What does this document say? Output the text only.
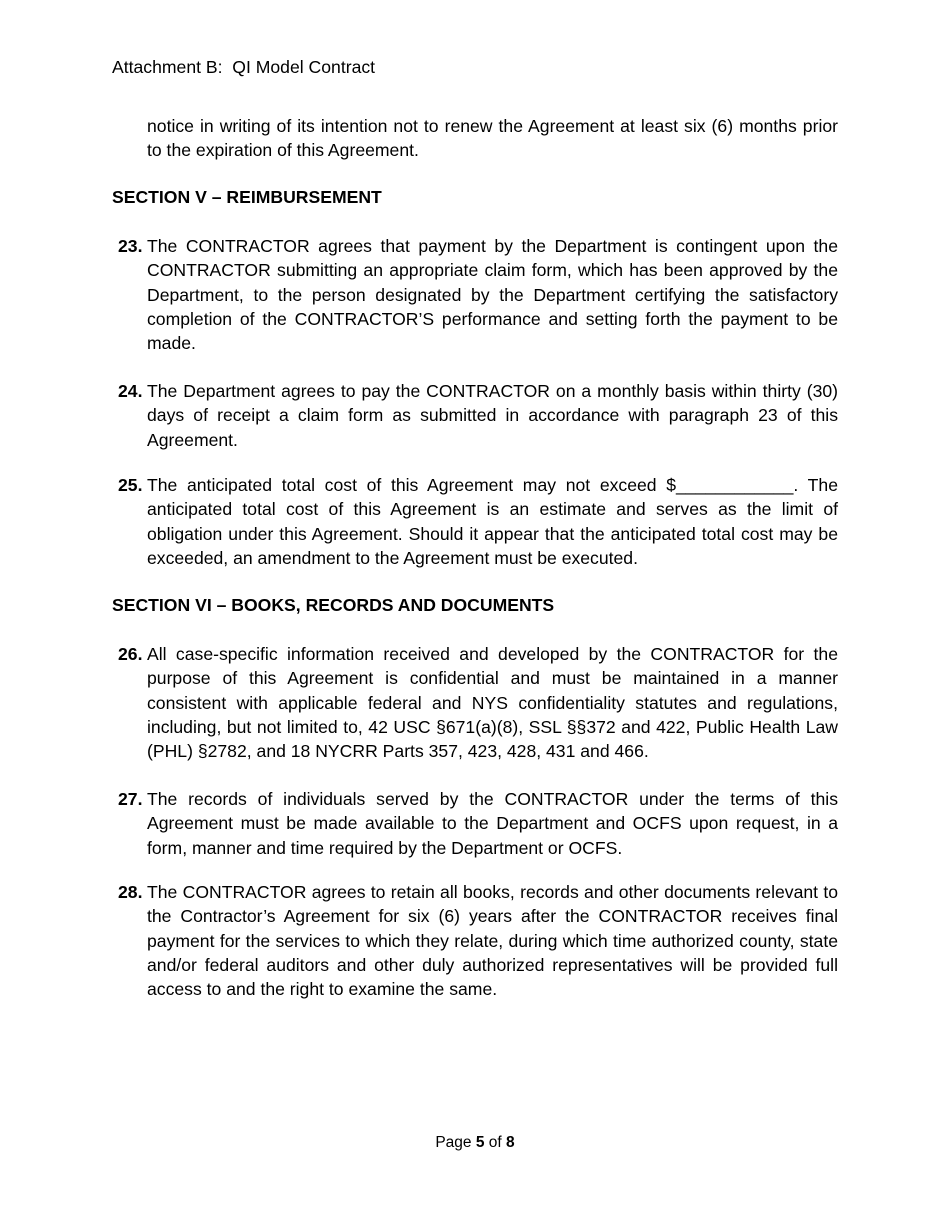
Attachment B:  QI Model Contract
notice in writing of its intention not to renew the Agreement at least six (6) months prior to the expiration of this Agreement.
SECTION V – REIMBURSEMENT
23. The CONTRACTOR agrees that payment by the Department is contingent upon the CONTRACTOR submitting an appropriate claim form, which has been approved by the Department, to the person designated by the Department certifying the satisfactory completion of the CONTRACTOR’S performance and setting forth the payment to be made.
24. The Department agrees to pay the CONTRACTOR on a monthly basis within thirty (30) days of receipt a claim form as submitted in accordance with paragraph 23 of this Agreement.
25. The anticipated total cost of this Agreement may not exceed $____________. The anticipated total cost of this Agreement is an estimate and serves as the limit of obligation under this Agreement. Should it appear that the anticipated total cost may be exceeded, an amendment to the Agreement must be executed.
SECTION VI – BOOKS, RECORDS AND DOCUMENTS
26. All case-specific information received and developed by the CONTRACTOR for the purpose of this Agreement is confidential and must be maintained in a manner consistent with applicable federal and NYS confidentiality statutes and regulations, including, but not limited to, 42 USC §671(a)(8), SSL §§372 and 422, Public Health Law (PHL) §2782, and 18 NYCRR Parts 357, 423, 428, 431 and 466.
27. The records of individuals served by the CONTRACTOR under the terms of this Agreement must be made available to the Department and OCFS upon request, in a form, manner and time required by the Department or OCFS.
28. The CONTRACTOR agrees to retain all books, records and other documents relevant to the Contractor’s Agreement for six (6) years after the CONTRACTOR receives final payment for the services to which they relate, during which time authorized county, state and/or federal auditors and other duly authorized representatives will be provided full access to and the right to examine the same.
Page 5 of 8
